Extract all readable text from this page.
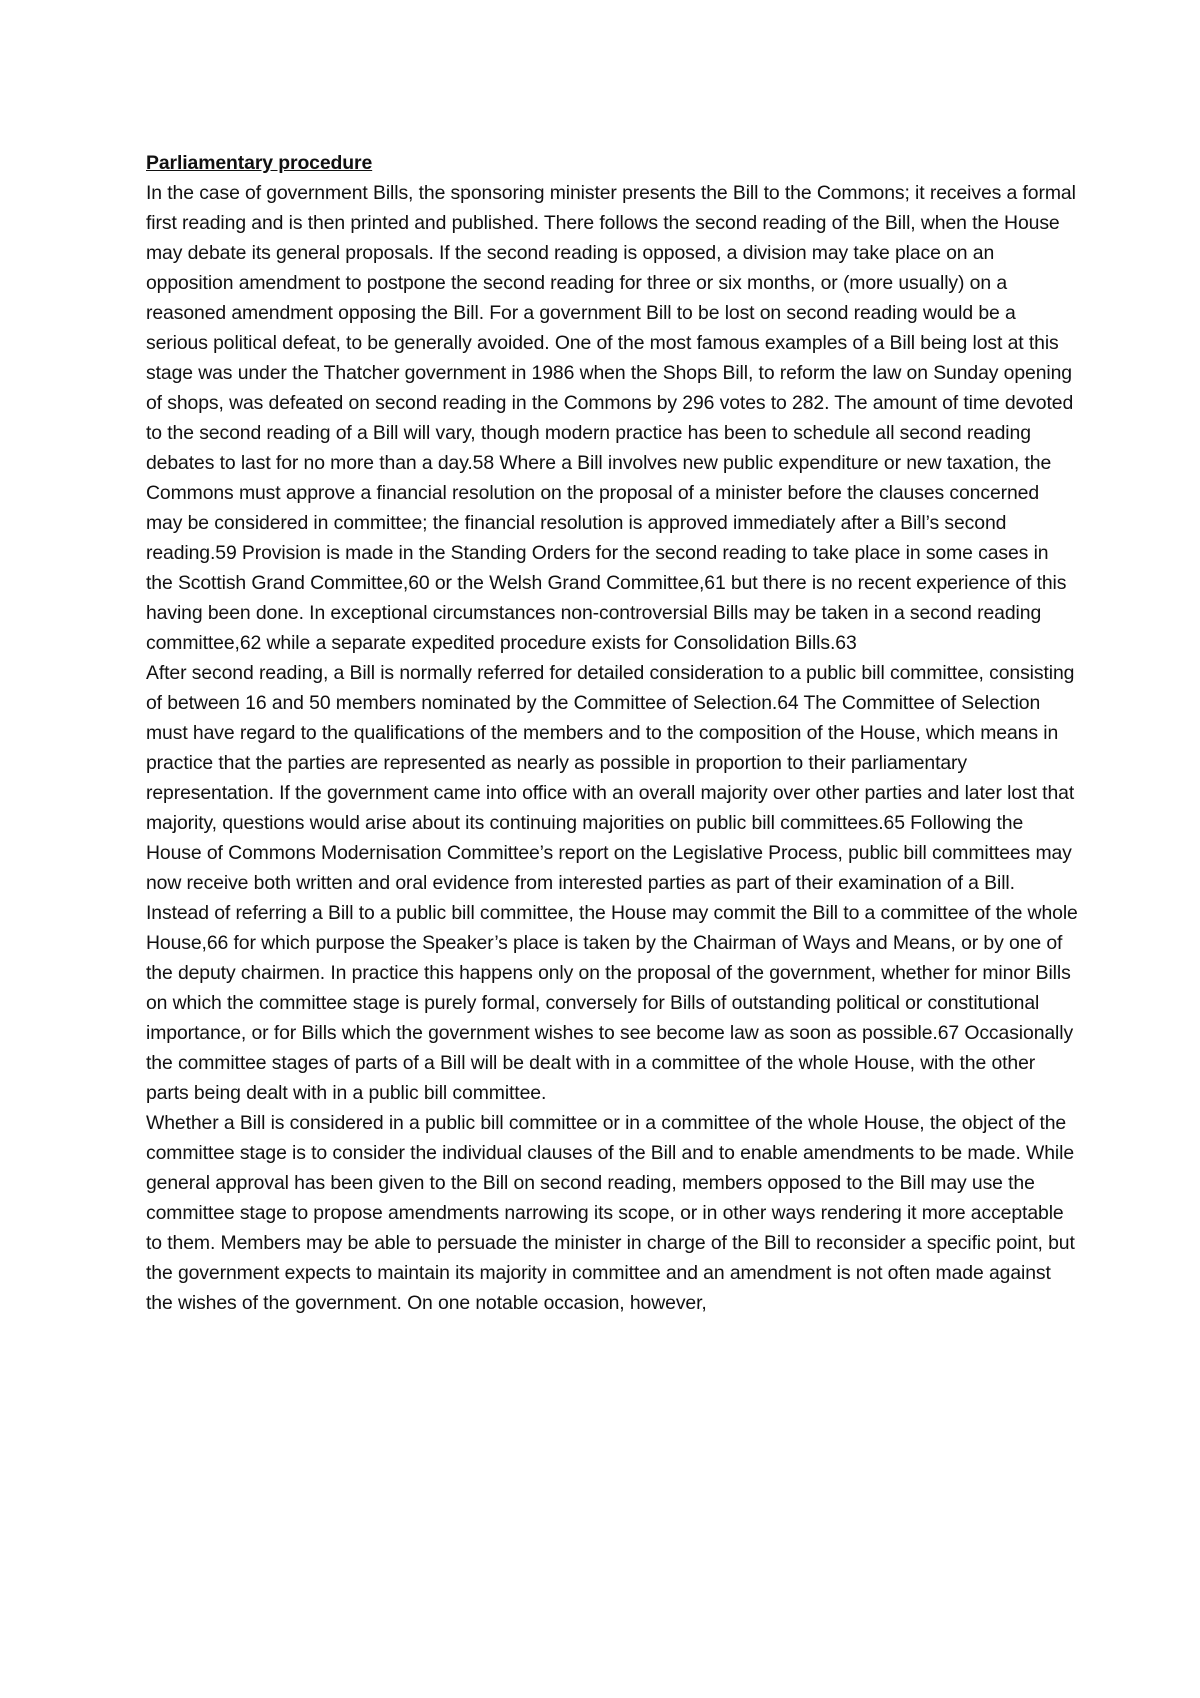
Parliamentary procedure

In the case of government Bills, the sponsoring minister presents the Bill to the Commons; it receives a formal first reading and is then printed and published. There follows the second reading of the Bill, when the House may debate its general proposals. If the second reading is opposed, a division may take place on an opposition amendment to postpone the second reading for three or six months, or (more usually) on a reasoned amendment opposing the Bill. For a government Bill to be lost on second reading would be a serious political defeat, to be generally avoided. One of the most famous examples of a Bill being lost at this stage was under the Thatcher government in 1986 when the Shops Bill, to reform the law on Sunday opening of shops, was defeated on second reading in the Commons by 296 votes to 282. The amount of time devoted to the second reading of a Bill will vary, though modern practice has been to schedule all second reading debates to last for no more than a day.58 Where a Bill involves new public expenditure or new taxation, the Commons must approve a financial resolution on the proposal of a minister before the clauses concerned may be considered in committee; the financial resolution is approved immediately after a Bill’s second reading.59 Provision is made in the Standing Orders for the second reading to take place in some cases in the Scottish Grand Committee,60 or the Welsh Grand Committee,61 but there is no recent experience of this having been done. In exceptional circumstances non-controversial Bills may be taken in a second reading committee,62 while a separate expedited procedure exists for Consolidation Bills.63

After second reading, a Bill is normally referred for detailed consideration to a public bill committee, consisting of between 16 and 50 members nominated by the Committee of Selection.64 The Committee of Selection must have regard to the qualifications of the members and to the composition of the House, which means in practice that the parties are represented as nearly as possible in proportion to their parliamentary representation. If the government came into office with an overall majority over other parties and later lost that majority, questions would arise about its continuing majorities on public bill committees.65 Following the House of Commons Modernisation Committee’s report on the Legislative Process, public bill committees may now receive both written and oral evidence from interested parties as part of their examination of a Bill.

Instead of referring a Bill to a public bill committee, the House may commit the Bill to a committee of the whole House,66 for which purpose the Speaker’s place is taken by the Chairman of Ways and Means, or by one of the deputy chairmen. In practice this happens only on the proposal of the government, whether for minor Bills on which the committee stage is purely formal, conversely for Bills of outstanding political or constitutional importance, or for Bills which the government wishes to see become law as soon as possible.67 Occasionally the committee stages of parts of a Bill will be dealt with in a committee of the whole House, with the other parts being dealt with in a public bill committee.

Whether a Bill is considered in a public bill committee or in a committee of the whole House, the object of the committee stage is to consider the individual clauses of the Bill and to enable amendments to be made. While general approval has been given to the Bill on second reading, members opposed to the Bill may use the committee stage to propose amendments narrowing its scope, or in other ways rendering it more acceptable to them. Members may be able to persuade the minister in charge of the Bill to reconsider a specific point, but the government expects to maintain its majority in committee and an amendment is not often made against the wishes of the government. On one notable occasion, however,
